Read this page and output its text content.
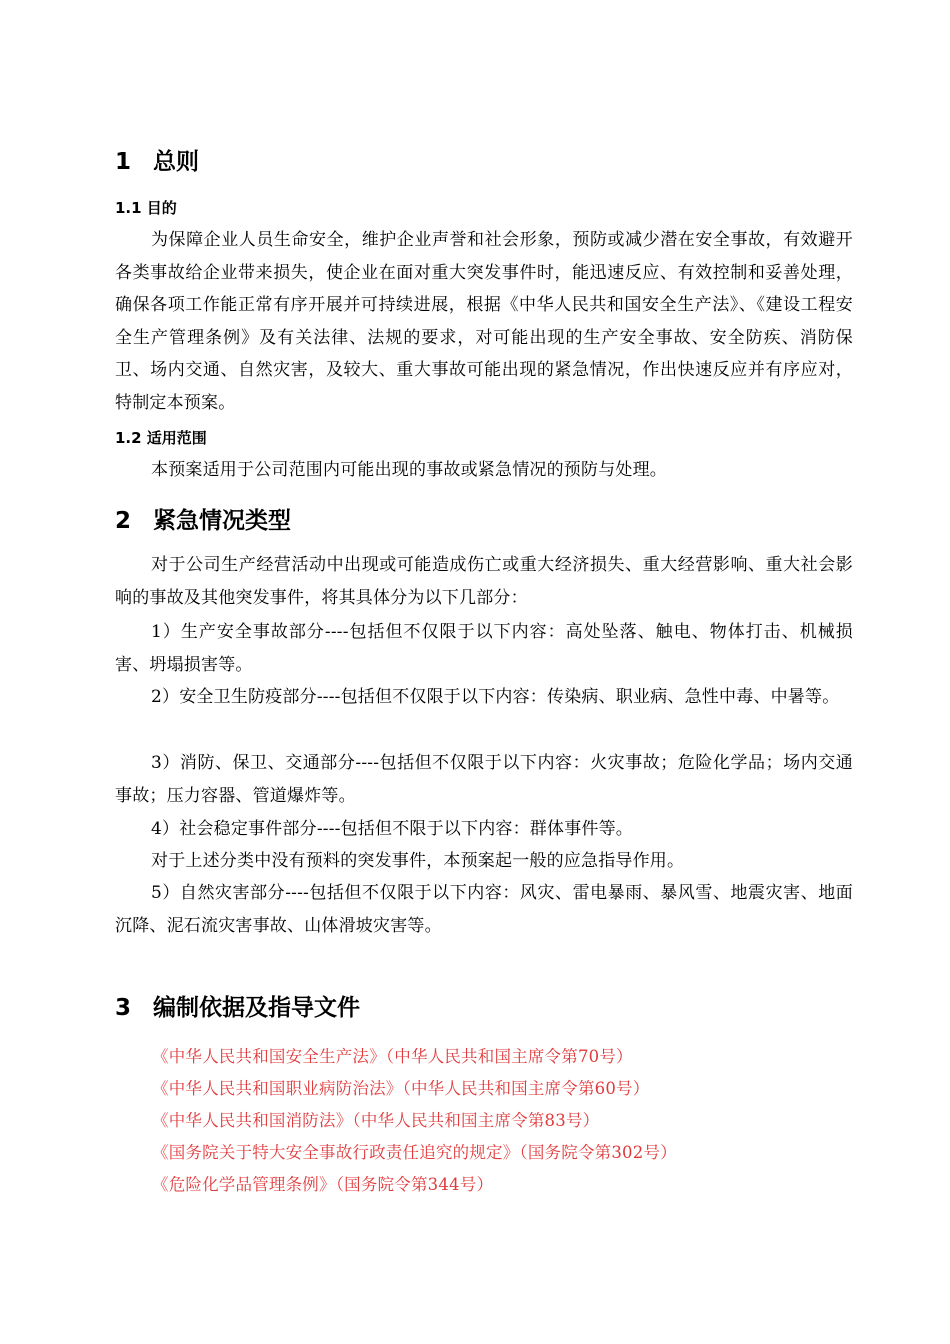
1 总则
1.1 目的

为保障企业人员生命安全，维护企业声誉和社会形象，预防或减少潜在安全事故，有效避开各类事故给企业带来损失，使企业在面对重大突发事件时，能迅速反应、有效控制和妥善处理，确保各项工作能正常有序开展并可持续进展，根据《中华人民共和国安全生产法》、《建设工程安全生产管理条例》及有关法律、法规的要求，对可能出现的生产安全事故、安全防疾、消防保卫、场内交通、自然灾害，及较大、重大事故可能出现的紧急情况，作出快速反应并有序应对，特制定本预案。

1.2 适用范围

本预案适用于公司范围内可能出现的事故或紧急情况的预防与处理。

2 紧急情况类型

对于公司生产经营活动中出现或可能造成伤亡或重大经济损失、重大经营影响、重大社会影响的事故及其他突发事件，将其具体分为以下几部分：

1）生产安全事故部分----包括但不仅限于以下内容：高处坠落、触电、物体打击、机械损害、坍塌损害等。

2）安全卫生防疫部分----包括但不仅限于以下内容：传染病、职业病、急性中毒、中暑等。

3）消防、保卫、交通部分----包括但不仅限于以下内容：火灾事故；危险化学品；场内交通事故；压力容器、管道爆炸等。

4）社会稳定事件部分----包括但不限于以下内容：群体事件等。

对于上述分类中没有预料的突发事件，本预案起一般的应急指导作用。

5）自然灾害部分----包括但不仅限于以下内容：风灾、雷电暴雨、暴风雪、地震灾害、地面沉降、泥石流灾害事故、山体滑坡灾害等。

3 编制依据及指导文件
《中华人民共和国安全生产法》（中华人民共和国主席令第70号）
《中华人民共和国职业病防治法》（中华人民共和国主席令第60号）
《中华人民共和国消防法》（中华人民共和国主席令第83号）
《国务院关于特大安全事故行政责任追究的规定》（国务院令第302号）
《危险化学品管理条例》（国务院令第344号）
